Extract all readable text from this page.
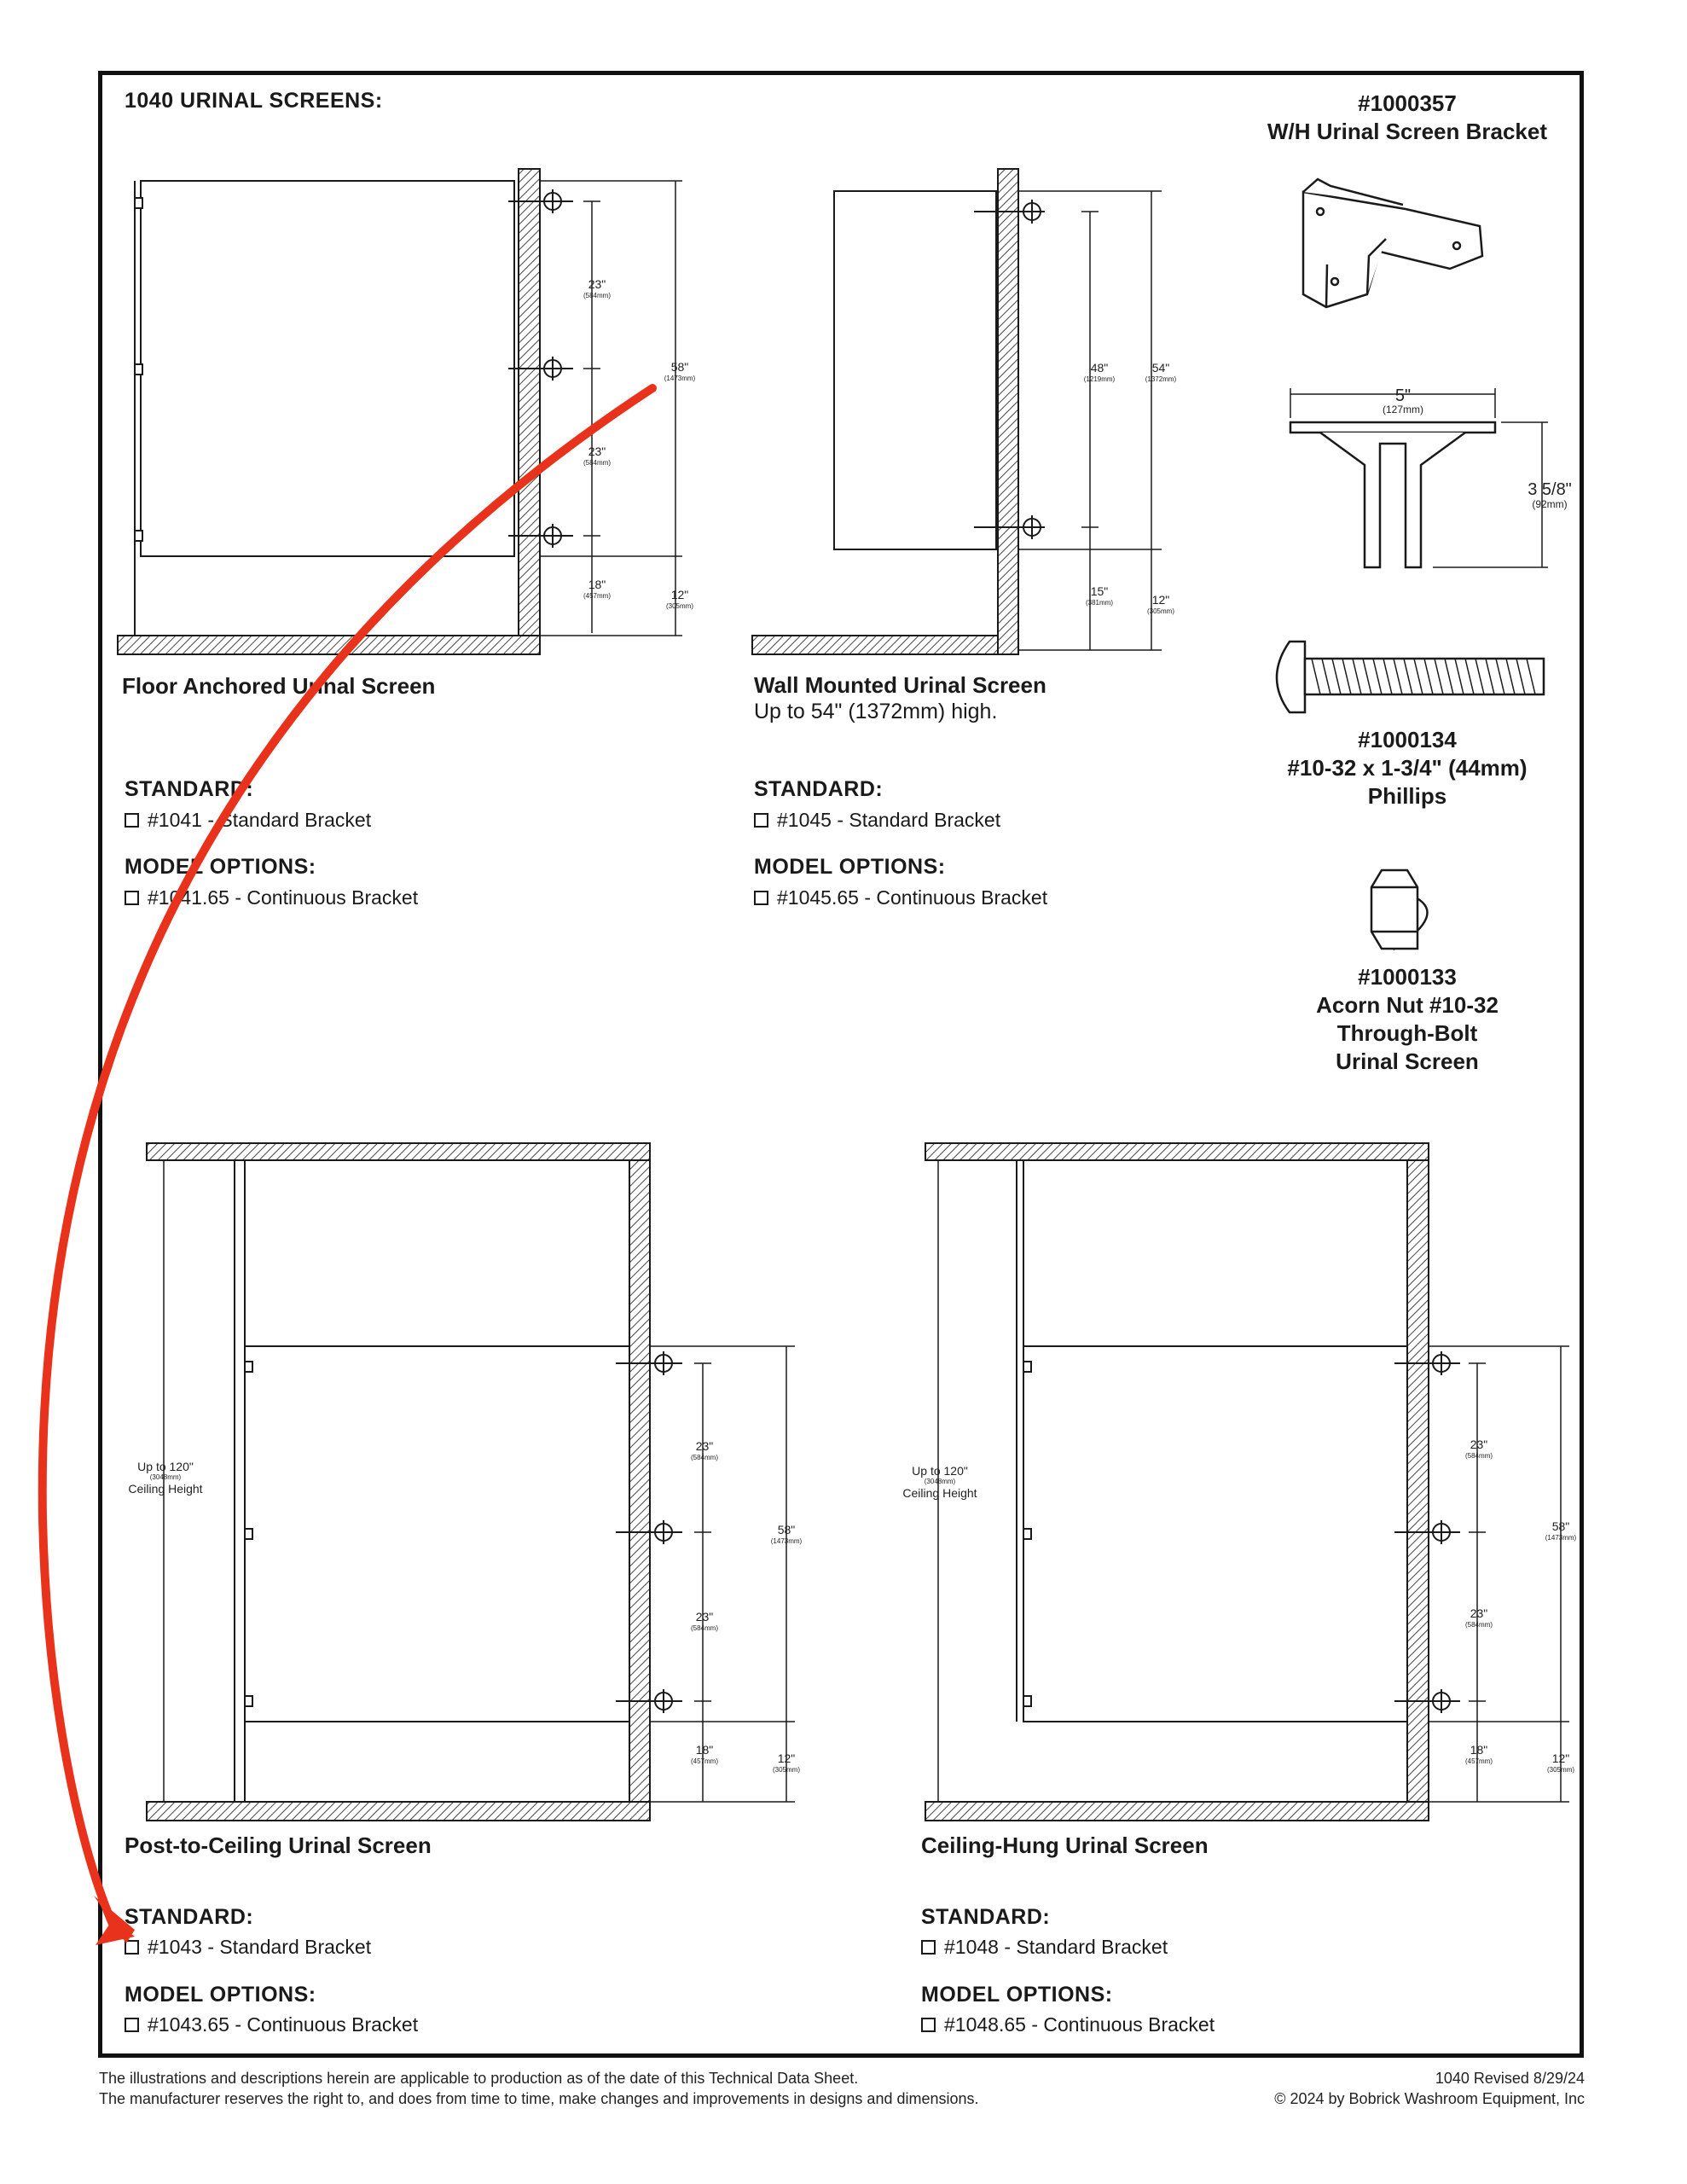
23"
(584mm)
23"
(584mm)
58"
(1473mm)
18"
(457mm)	12"
(305mm)
48"
(1219mm)
54"
(1372mm)
15"
(381mm)	12"
(305mm)
5"
(127mm)
3 5/8"
(92mm)
Up to 120"
(3048mm)
Ceiling Height
23"
(584mm)
23"
(584mm)
58"
(1473mm)
18"
(457mm)	12"
(305mm)
Up to 120"
(3048mm)
Ceiling Height
23"
(584mm)
23"
(584mm)
58"
(1473mm)
18"
(457mm)	12"
(305mm)
1040 URINAL SCREENS:	#1000357
W/H Urinal Screen Bracket
#1000134
#10-32 x 1-3/4" (44mm)
Phillips
#1000133
Acorn Nut #10-32
Through-Bolt
Urinal Screen
Floor Anchored Urinal Screen
STANDARD:
#1041 - Standard Bracket
MODEL OPTIONS:
#1041.65 - Continuous Bracket
Wall Mounted Urinal Screen
Up to 54" (1372mm) high.
STANDARD:
#1045 - Standard Bracket
MODEL OPTIONS:
#1045.65 - Continuous Bracket
Post-to-Ceiling Urinal Screen
STANDARD:
#1043 - Standard Bracket
MODEL OPTIONS:
#1043.65 - Continuous Bracket
Ceiling-Hung Urinal Screen
STANDARD:
#1048 - Standard Bracket
MODEL OPTIONS:
#1048.65 - Continuous Bracket
The illustrations and descriptions herein are applicable to production as of the date of this Technical Data Sheet.
The manufacturer reserves the right to, and does from time to time, make changes and improvements in designs and dimensions.
1040 Revised 8/29/24
© 2024 by Bobrick Washroom Equipment, Inc
